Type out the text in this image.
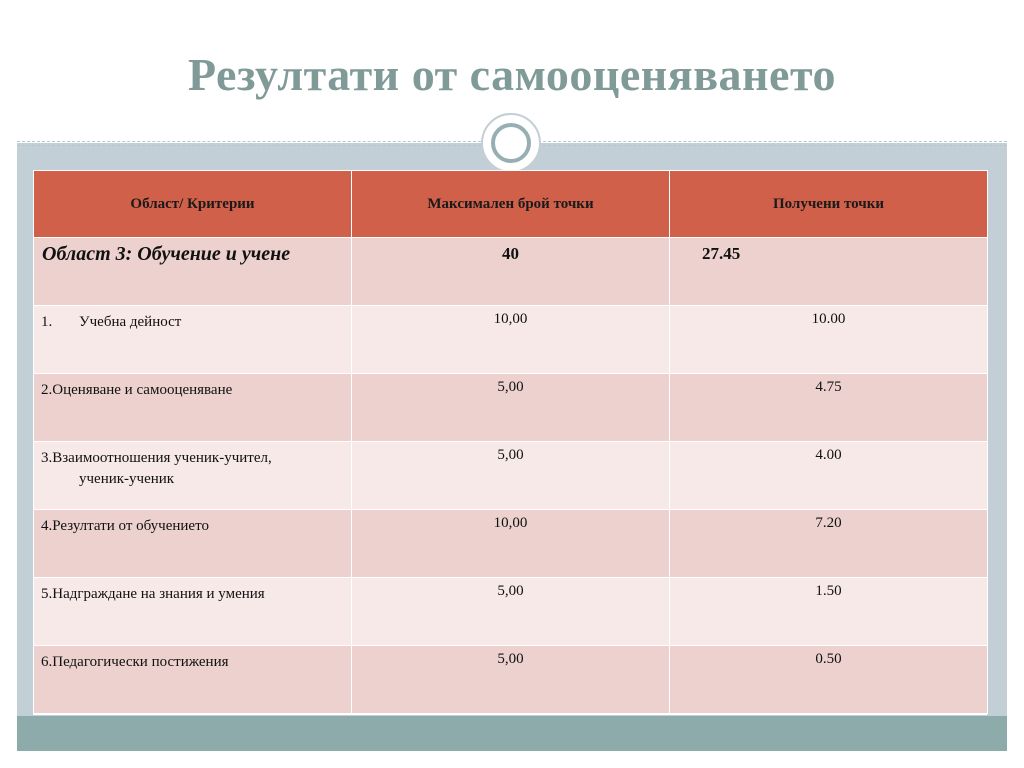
Резултати от самооценяването
Област/ Критерии	Максимален брой точки	Получени точки
Област 3: Обучение и учене	40	27.45
1. Учебна дейност	10,00	10.00
2.Оценяване и самооценяване	5,00	4.75
3.Взаимоотношения ученик-учител,
ученик-ученик	5,00	4.00
4.Резултати от обучението	10,00	7.20
5.Надграждане на знания и умения	5,00	1.50
6.Педагогически постижения	5,00	0.50
